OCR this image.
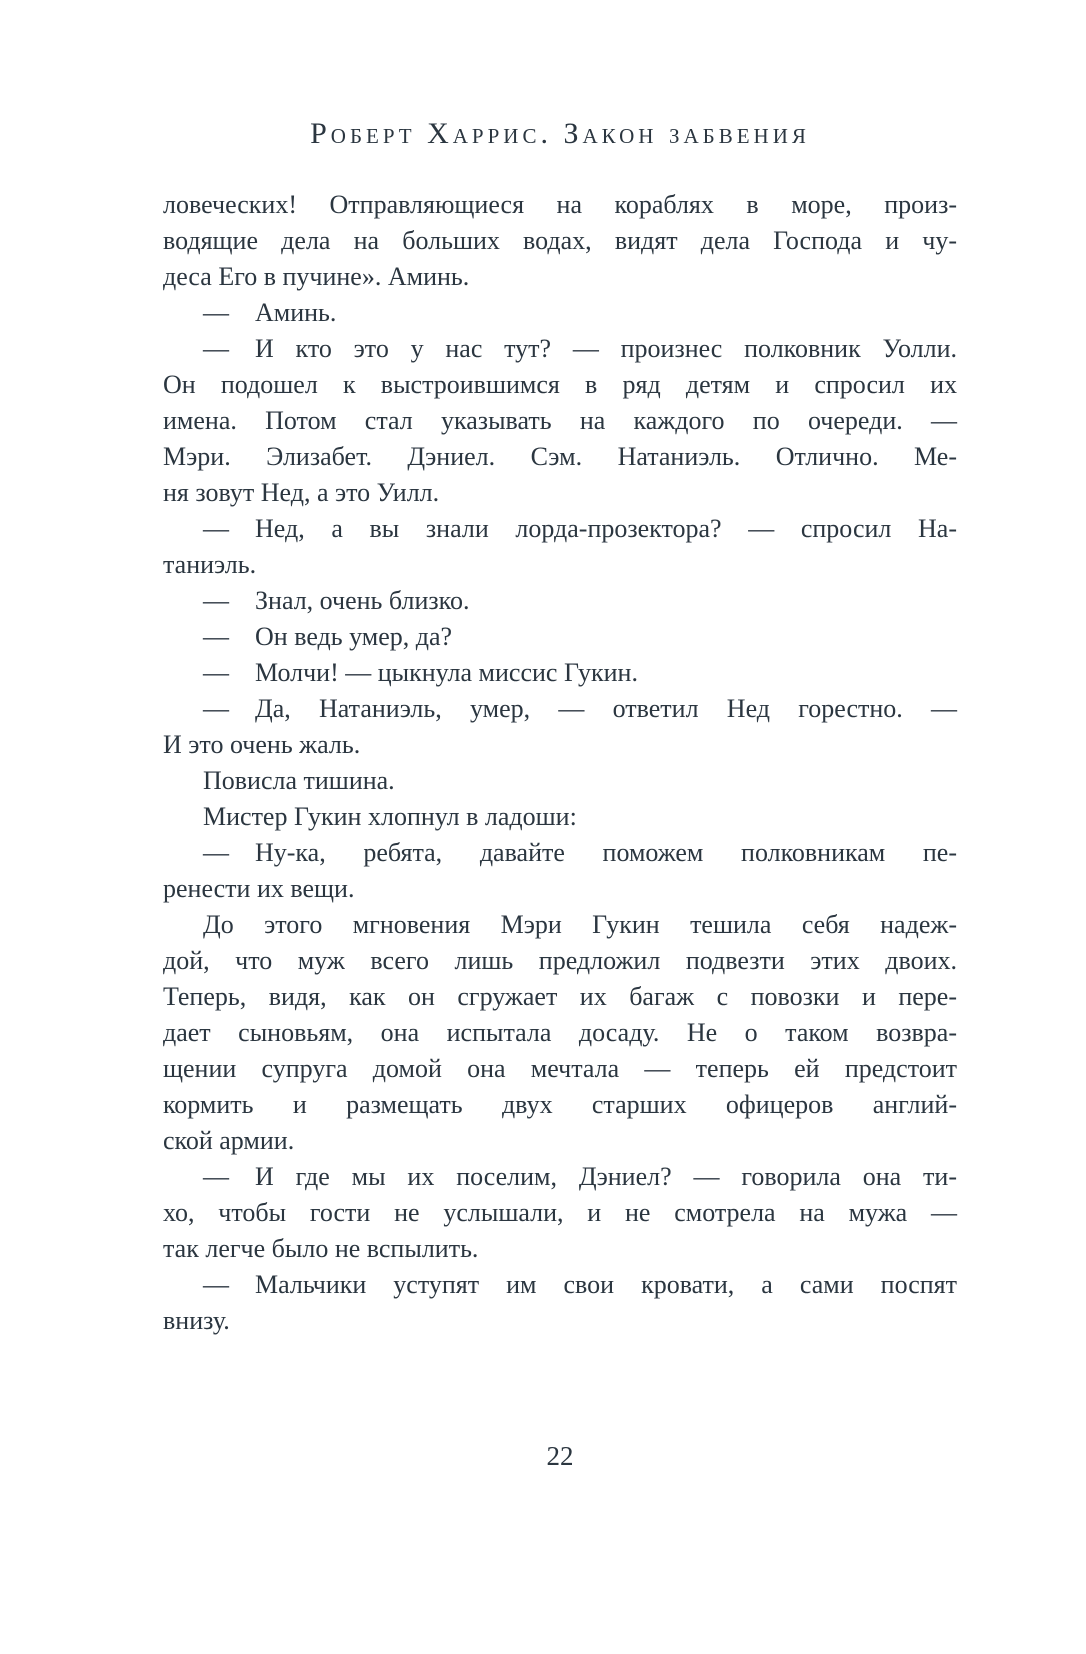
Роберт Харрис. Закон забвения
ловеческих! Отправляющиеся на кораблях в море, произ-
водящие дела на больших водах, видят дела Господа и чу-
деса Его в пучине». Аминь.
— Аминь.
— И кто это у нас тут? — произнес полковник Уолли.
Он подошел к выстроившимся в ряд детям и спросил их
имена. Потом стал указывать на каждого по очереди. —
Мэри. Элизабет. Дэниел. Сэм. Натаниэль. Отлично. Ме-
ня зовут Нед, а это Уилл.
— Нед, а вы знали лорда-прозектора? — спросил На-
таниэль.
— Знал, очень близко.
— Он ведь умер, да?
— Молчи! — цыкнула миссис Гукин.
— Да, Натаниэль, умер, — ответил Нед горестно. —
И это очень жаль.
Повисла тишина.
Мистер Гукин хлопнул в ладоши:
— Ну-ка, ребята, давайте поможем полковникам пе-
ренести их вещи.
До этого мгновения Мэри Гукин тешила себя надеж-
дой, что муж всего лишь предложил подвезти этих двоих.
Теперь, видя, как он сгружает их багаж с повозки и пере-
дает сыновьям, она испытала досаду. Не о таком возвра-
щении супруга домой она мечтала — теперь ей предстоит
кормить и размещать двух старших офицеров англий-
ской армии.
— И где мы их поселим, Дэниел? — говорила она ти-
хо, чтобы гости не услышали, и не смотрела на мужа —
так легче было не вспылить.
— Мальчики уступят им свои кровати, а сами поспят
внизу.
22
